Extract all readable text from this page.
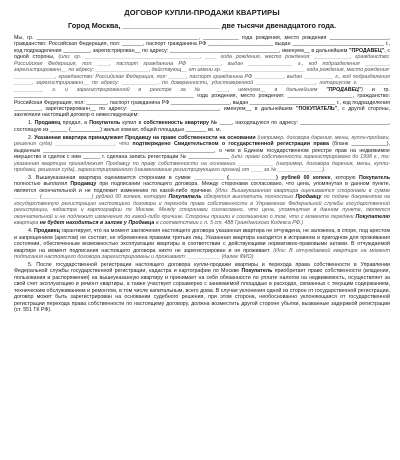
ДОГОВОР КУПЛИ-ПРОДАЖИ КВАРТИРЫ
Город Москва, ________________________ две тысячи двенадцатого года.

Мы, гр. _______________________________________________________, ____________ года рождения, место рождения ____________________, гражданство: Российская Федерация, пол: _______, паспорт гражданина РФ ______________________ выдан _______________________________ г., код подразделения _________, зарегистрирован__ по адресу: _____________________________________, именуем__ в дальнейшем "ПРОДАВЕЦ", с одной стороны, (или: гр. _______________________________________, ____ года рождения, место рождения: ____________, гражданство: Российская Федерация, пол: ____, паспорт гражданина РФ __________, выдан _______________ г., код подразделения ________, зарегистрированн__ по адресу: __________________, действующ__ от имени гр. ____________________________ года рождения, место рождения: ______________, гражданство: Российская Федерация, пол: ______, паспорт гражданина РФ __________, выдан __________ г., код подразделения ______, зарегистрированн__ по адресу: ____________, по доверенности, удостоверенной ____________________, нотариусом г. __________ __________ г. и зарегистрированной в реестре за № ____, именуем__ в дальнейшем "ПРОДАВЕЦ") и гр. _____________________________________________________________ года рождения, место рождения: ______________________, гражданство: Российская Федерация, пол: _______, паспорт гражданина РФ ____________________, выдан _____________________________ г., код подразделения _________, зарегистрированн__ по адресу: ______________________________, именуем__ в дальнейшем "ПОКУПАТЕЛЬ", с другой стороны, заключили настоящий договор о нижеследующем:

1. Продавец продал, а Покупатель купил в собственность квартиру № ____, находящуюся по адресу: ______________________________, состоящую из ______ (__________) жилых комнат, общей площадью _______ кв. м.

2. Указанная квартира принадлежит Продавцу на праве собственности на основании (например, договора дарения, мены, купли-продажи, решения суда) ____________________, что подтверждено Свидетельством о государственной регистрации права (бланк ____________), выданным __________________________________________________________, о чем в Едином государственном реестре прав на недвижимое имущество и сделок с ним ______ г. сделана запись регистрации № ______________ (или: право собственности зарегистрировано до 1998 г., то: указанная квартира принадлежит Продавцу по праву собственности на основании ____________ (например, договора дарения, мены, купли-продажи, решения суда), зарегистрированного (наименование регистрирующего органа) от ____ за № _______________).

3. Вышеуказанная квартира оценивается сторонами в сумме __________ (________________) рублей 00 копеек, которую Покупатель полностью выплатил Продавцу при подписании настоящего договора. Между сторонами согласовано, что цена, упомянутая в данном пункте, является окончательной и не подлежит изменению по какой-либо причине. (Или: Вышеуказанная квартира оценивается сторонами в сумме ________ (_________________) рублей 00 копеек, которую Покупатель обязуется выплатить полностью Продавцу по подаче документов на государственную регистрацию настоящего договора и перехода права собственности в Управление Федеральной службы государственной регистрации, кадастра и картографии по Москве. Между сторонами согласовано, что цена, упомянутая в данном пункте, является окончательной и не подлежит изменению по какой-либо причине. Стороны пришли к соглашению о том, что с момента передачи Покупателю квартира не будет находиться в залоге у Продавца в соответствии с п. 5 ст. 488 Гражданского Кодекса РФ.)

4. Продавец гарантирует, что на момент заключения настоящего договора указанная квартира не отчуждена, не заложена, в споре, под арестом и запрещением (арестом) не состоит, не обременена правами третьих лиц. Указанная квартира находится в исправном и пригодном для проживания состоянии, обеспеченным возможностью эксплуатации квартиры в соответствии с действующими нормативно-правовыми актами. В отчуждаемой квартире на момент подписания настоящего договора никто не зарегистрирован и не проживает. (Или: В отчуждаемой квартире на момент подписания настоящего договора зарегистрированы и проживают: ___________ (далее ФИО)

5. После государственной регистрации настоящего договора купли-продажи квартиры и перехода права собственности в Управлении Федеральной службы государственной регистрации, кадастра и картографии по Москве Покупатель приобретает право собственности (владения, пользования и распоряжения) на вышеуказанную квартиру и принимает на себя обязанности по уплате налогов на недвижимость, осуществляет за свой счет эксплуатацию и ремонт квартиры, а также участвует соразмерно с занимаемой площадью в расходах, связанных с текущим содержанием, техническим обслуживанием и ремонтом, в том числе капитальным, всего дома. В случае уклонения одной из сторон от государственной регистрации, договор может быть зарегистрирован на основании судебного решения, при этом сторона, необоснованно уклоняющаяся от государственной регистрации перехода права собственности по настоящему договору, должна возместить другой стороне убытки, вызванные задержкой регистрации (ст. 551 ГК РФ).
